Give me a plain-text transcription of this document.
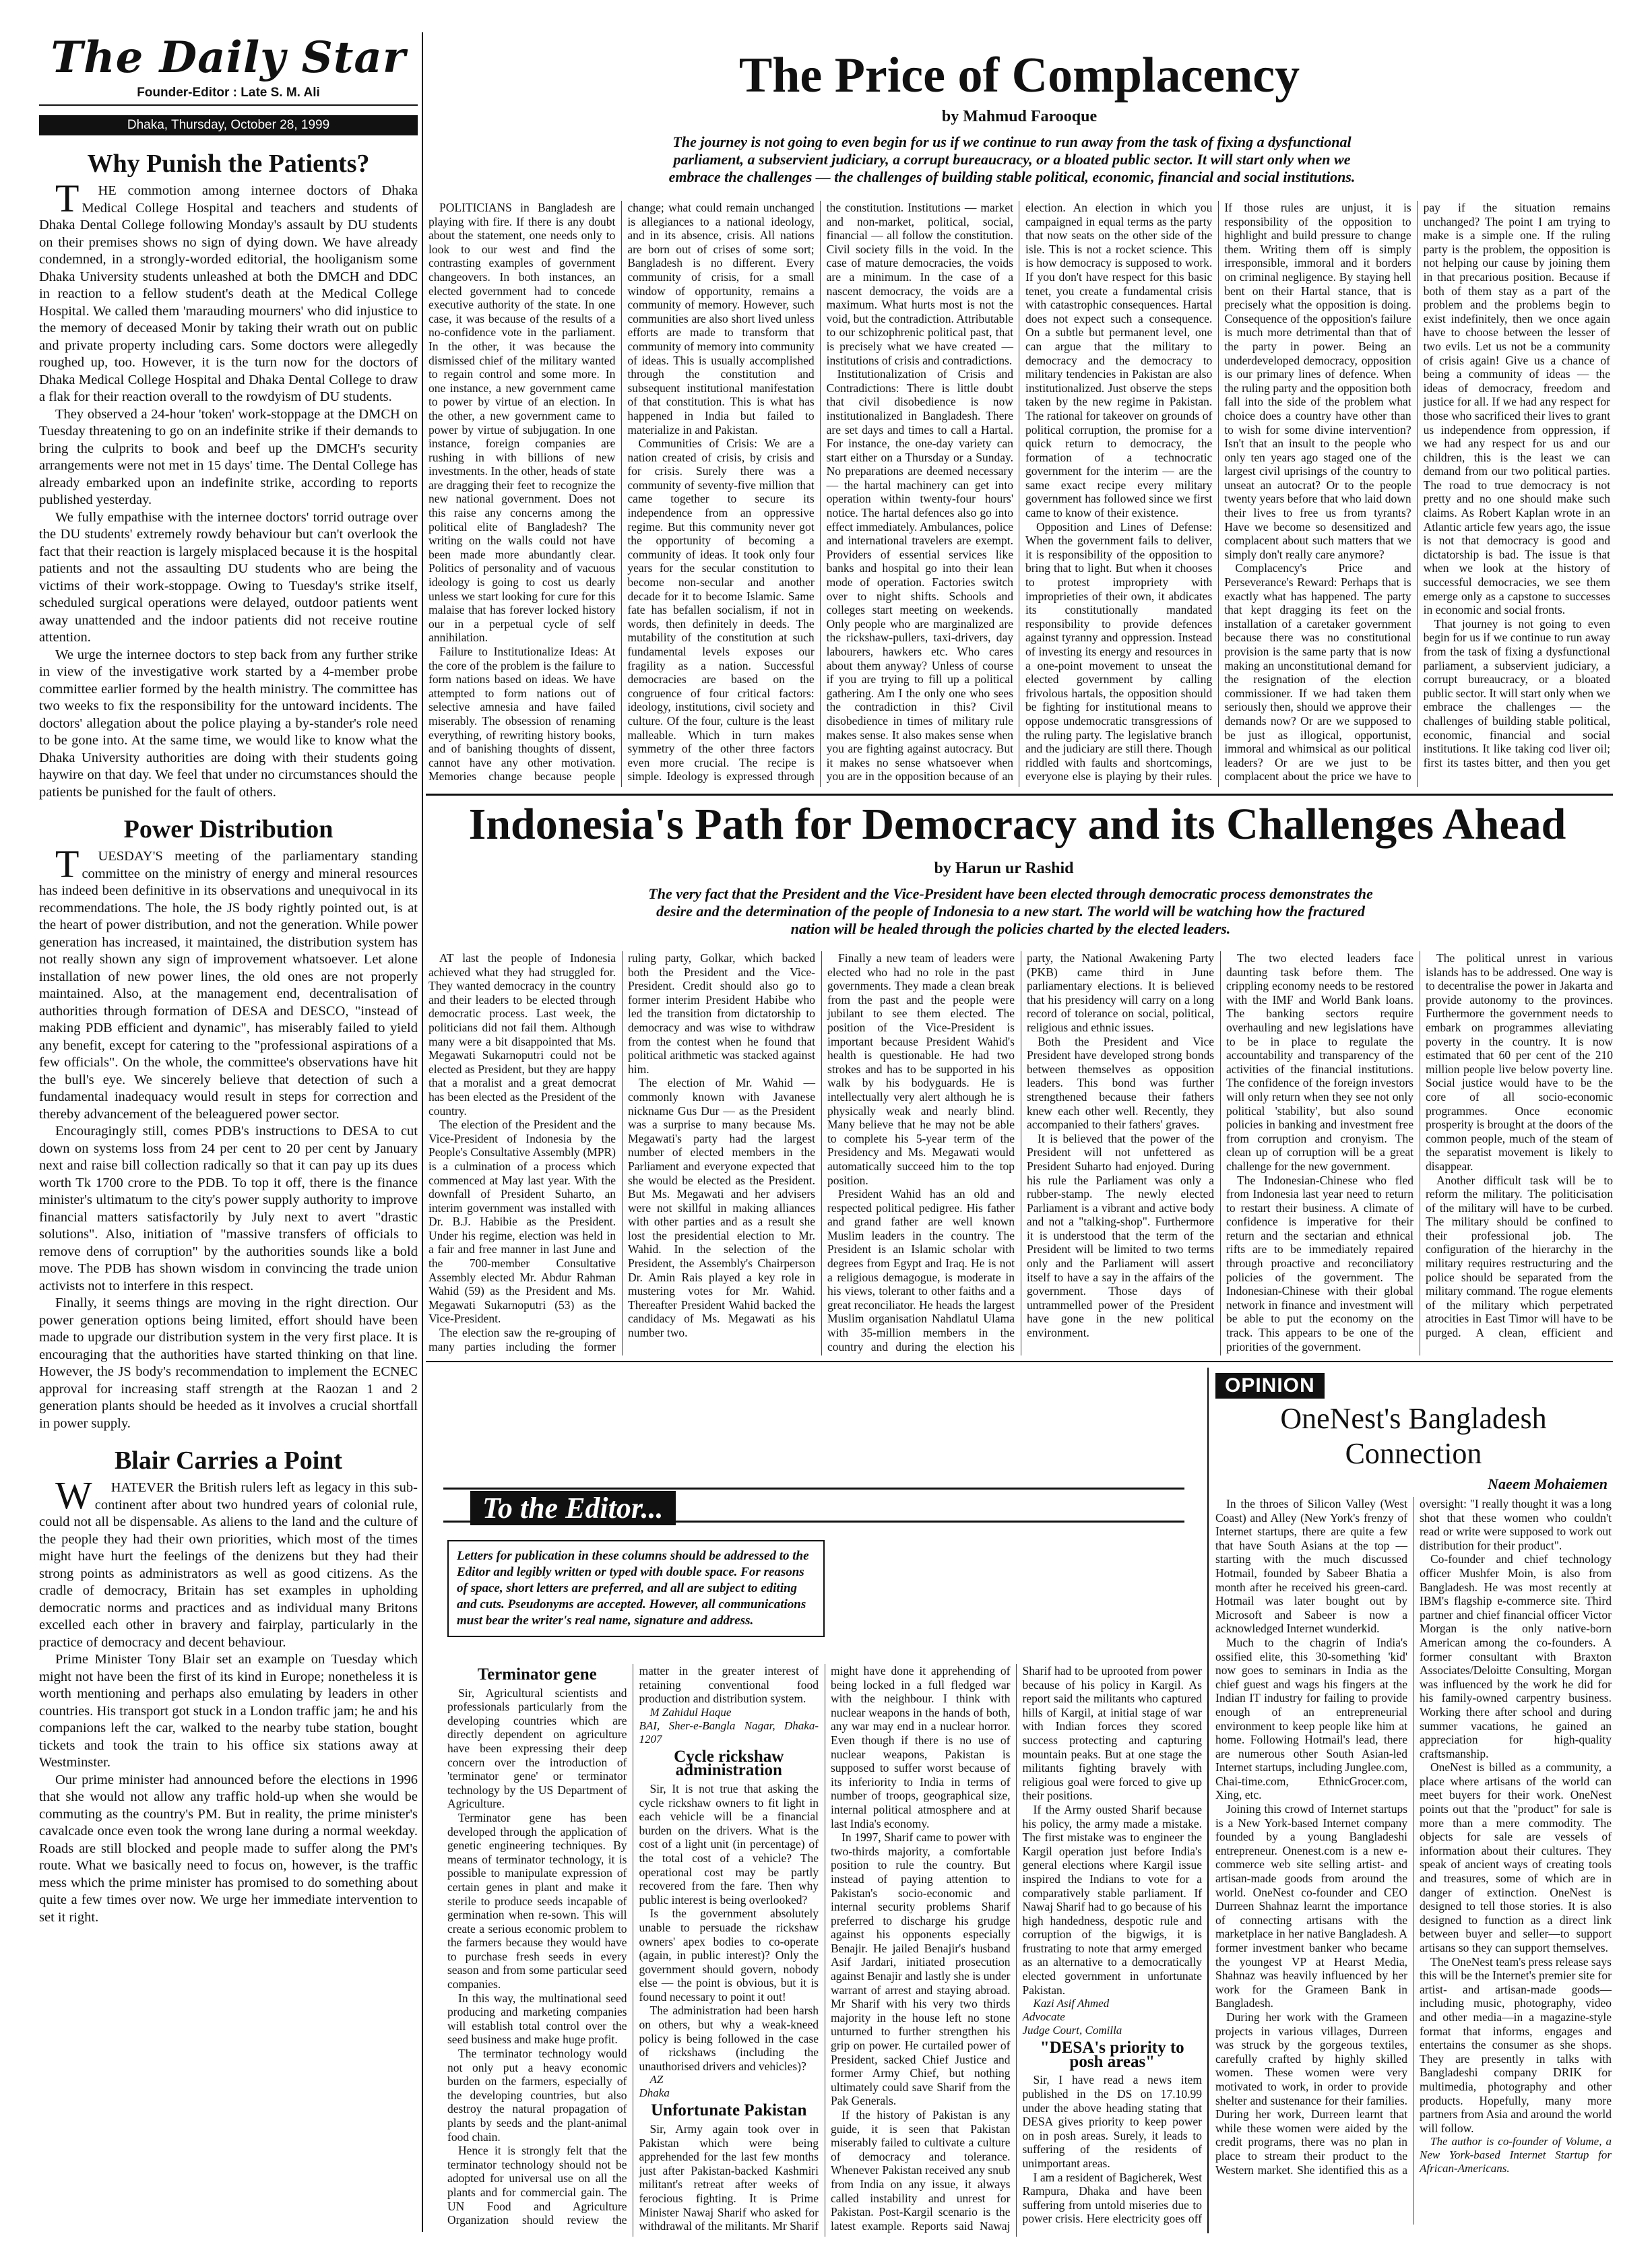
The Daily Star
Founder-Editor : Late S. M. Ali
Dhaka, Thursday, October 28, 1999
Why Punish the Patients?

THE commotion among internee doctors of Dhaka Medical College Hospital and teachers and students of Dhaka Dental College following Monday's assault by DU students on their premises shows no sign of dying down. We have already condemned, in a strongly-worded editorial, the hooliganism some Dhaka University students unleashed at both the DMCH and DDC in reaction to a fellow student's death at the Medical College Hospital. We called them 'marauding mourners' who did injustice to the memory of deceased Monir by taking their wrath out on public and private property including cars. Some doctors were allegedly roughed up, too. However, it is the turn now for the doctors of Dhaka Medical College Hospital and Dhaka Dental College to draw a flak for their reaction overall to the rowdyism of DU students.

They observed a 24-hour 'token' work-stoppage at the DMCH on Tuesday threatening to go on an indefinite strike if their demands to bring the culprits to book and beef up the DMCH's security arrangements were not met in 15 days' time. The Dental College has already embarked upon an indefinite strike, according to reports published yesterday.

We fully empathise with the internee doctors' torrid outrage over the DU students' extremely rowdy behaviour but can't overlook the fact that their reaction is largely misplaced because it is the hospital patients and not the assaulting DU students who are being the victims of their work-stoppage. Owing to Tuesday's strike itself, scheduled surgical operations were delayed, outdoor patients went away unattended and the indoor patients did not receive routine attention.

We urge the internee doctors to step back from any further strike in view of the investigative work started by a 4-member probe committee earlier formed by the health ministry. The committee has two weeks to fix the responsibility for the untoward incidents. The doctors' allegation about the police playing a by-stander's role need to be gone into. At the same time, we would like to know what the Dhaka University authorities are doing with their students going haywire on that day. We feel that under no circumstances should the patients be punished for the fault of others.

Power Distribution

TUESDAY'S meeting of the parliamentary standing committee on the ministry of energy and mineral resources has indeed been definitive in its observations and unequivocal in its recommendations. The hole, the JS body rightly pointed out, is at the heart of power distribution, and not the generation. While power generation has increased, it maintained, the distribution system has not really shown any sign of improvement whatsoever. Let alone installation of new power lines, the old ones are not properly maintained. Also, at the management end, decentralisation of authorities through formation of DESA and DESCO, "instead of making PDB efficient and dynamic", has miserably failed to yield any benefit, except for catering to the "professional aspirations of a few officials". On the whole, the committee's observations have hit the bull's eye. We sincerely believe that detection of such a fundamental inadequacy would result in steps for correction and thereby advancement of the beleaguered power sector.

Encouragingly still, comes PDB's instructions to DESA to cut down on systems loss from 24 per cent to 20 per cent by January next and raise bill collection radically so that it can pay up its dues worth Tk 1700 crore to the PDB. To top it off, there is the finance minister's ultimatum to the city's power supply authority to improve financial matters satisfactorily by July next to avert "drastic solutions". Also, initiation of "massive transfers of officials to remove dens of corruption" by the authorities sounds like a bold move. The PDB has shown wisdom in convincing the trade union activists not to interfere in this respect.

Finally, it seems things are moving in the right direction. Our power generation options being limited, effort should have been made to upgrade our distribution system in the very first place. It is encouraging that the authorities have started thinking on that line. However, the JS body's recommendation to implement the ECNEC approval for increasing staff strength at the Raozan 1 and 2 generation plants should be heeded as it involves a crucial shortfall in power supply.

Blair Carries a Point

WHATEVER the British rulers left as legacy in this sub-continent after about two hundred years of colonial rule, could not all be dispensable. As aliens to the land and the culture of the people they had their own priorities, which most of the times might have hurt the feelings of the denizens but they had their strong points as administrators as well as good citizens. As the cradle of democracy, Britain has set examples in upholding democratic norms and practices and as individual many Britons excelled each other in bravery and fairplay, particularly in the practice of democracy and decent behaviour.

Prime Minister Tony Blair set an example on Tuesday which might not have been the first of its kind in Europe; nonetheless it is worth mentioning and perhaps also emulating by leaders in other countries. His transport got stuck in a London traffic jam; he and his companions left the car, walked to the nearby tube station, bought tickets and took the train to his office six stations away at Westminster.

Our prime minister had announced before the elections in 1996 that she would not allow any traffic hold-up when she would be commuting as the country's PM. But in reality, the prime minister's cavalcade once even took the wrong lane during a normal weekday. Roads are still blocked and people made to suffer along the PM's route. What we basically need to focus on, however, is the traffic mess which the prime minister has promised to do something about quite a few times over now. We urge her immediate intervention to set it right.

The Price of Complacency
by Mahmud Farooque
The journey is not going to even begin for us if we continue to run away from the task of fixing a dysfunctional parliament, a subservient judiciary, a corrupt bureaucracy, or a bloated public sector. It will start only when we embrace the challenges — the challenges of building stable political, economic, financial and social institutions.

POLITICIANS in Bangladesh are playing with fire. If there is any doubt about the statement, one needs only to look to our west and find the contrasting examples of government changeovers. In both instances, an elected government had to concede executive authority of the state. In one case, it was because of the results of a no-confidence vote in the parliament. In the other, it was because the dismissed chief of the military wanted to regain control and some more. In one instance, a new government came to power by virtue of an election. In the other, a new government came to power by virtue of subjugation. In one instance, foreign companies are rushing in with billions of new investments. In the other, heads of state are dragging their feet to recognize the new national government. Does not this raise any concerns among the political elite of Bangladesh? The writing on the walls could not have been made more abundantly clear. Politics of personality and of vacuous ideology is going to cost us dearly unless we start looking for cure for this malaise that has forever locked history our in a perpetual cycle of self annihilation.

Failure to Institutionalize Ideas: At the core of the problem is the failure to form nations based on ideas. We have attempted to form nations out of selective amnesia and have failed miserably. The obsession of renaming everything, of rewriting history books, and of banishing thoughts of dissent, cannot have any other motivation. Memories change because people change; what could remain unchanged is allegiances to a national ideology, and in its absence, crisis. All nations are born out of crises of some sort; Bangladesh is no different. Every community of crisis, for a small window of opportunity, remains a community of memory. However, such communities are also short lived unless efforts are made to transform that community of memory into community of ideas. This is usually accomplished through the constitution and subsequent institutional manifestation of that constitution. This is what has happened in India but failed to materialize in and Pakistan.

Communities of Crisis: We are a nation created of crisis, by crisis and for crisis. Surely there was a community of seventy-five million that came together to secure its independence from an oppressive regime. But this community never got the opportunity of becoming a community of ideas. It took only four years for the secular constitution to become non-secular and another decade for it to become Islamic. Same fate has befallen socialism, if not in words, then definitely in deeds. The mutability of the constitution at such fundamental levels exposes our fragility as a nation. Successful democracies are based on the congruence of four critical factors: ideology, institutions, civil society and culture. Of the four, culture is the least malleable. Which in turn makes symmetry of the other three factors even more crucial. The recipe is simple. Ideology is expressed through the constitution. Institutions — market and non-market, political, social, financial — all follow the constitution. Civil society fills in the void. In the case of mature democracies, the voids are a minimum. In the case of a nascent democracy, the voids are a maximum. What hurts most is not the void, but the contradiction. Attributable to our schizophrenic political past, that is precisely what we have created — institutions of crisis and contradictions.

Institutionalization of Crisis and Contradictions: There is little doubt that civil disobedience is now institutionalized in Bangladesh. There are set days and times to call a Hartal. For instance, the one-day variety can start either on a Thursday or a Sunday. No preparations are deemed necessary — the hartal machinery can get into operation within twenty-four hours' notice. The hartal defences also go into effect immediately. Ambulances, police and international travelers are exempt. Providers of essential services like banks and hospital go into their lean mode of operation. Factories switch over to night shifts. Schools and colleges start meeting on weekends. Only people who are marginalized are the rickshaw-pullers, taxi-drivers, day labourers, hawkers etc. Who cares about them anyway? Unless of course if you are trying to fill up a political gathering. Am I the only one who sees the contradiction in this? Civil disobedience in times of military rule makes sense. It also makes sense when you are fighting against autocracy. But it makes no sense whatsoever when you are in the opposition because of an election. An election in which you campaigned in equal terms as the party that now seats on the other side of the isle. This is not a rocket science. This is how democracy is supposed to work. If you don't have respect for this basic tenet, you create a fundamental crisis with catastrophic consequences. Hartal does not expect such a consequence. On a subtle but permanent level, one can argue that the military to democracy and the democracy to military tendencies in Pakistan are also institutionalized. Just observe the steps taken by the new regime in Pakistan. The rational for takeover on grounds of political corruption, the promise for a quick return to democracy, the formation of a technocratic government for the interim — are the same exact recipe every military government has followed since we first came to know of their existence.

Opposition and Lines of Defense: When the government fails to deliver, it is responsibility of the opposition to bring that to light. But when it chooses to protest impropriety with improprieties of their own, it abdicates its constitutionally mandated responsibility to provide defences against tyranny and oppression. Instead of investing its energy and resources in a one-point movement to unseat the elected government by calling frivolous hartals, the opposition should be fighting for institutional means to oppose undemocratic transgressions of the ruling party. The legislative branch and the judiciary are still there. Though riddled with faults and shortcomings, everyone else is playing by their rules. If those rules are unjust, it is responsibility of the opposition to highlight and build pressure to change them. Writing them off is simply irresponsible, immoral and it borders on criminal negligence. By staying hell bent on their Hartal stance, that is precisely what the opposition is doing. Consequence of the opposition's failure is much more detrimental than that of the party in power. Being an underdeveloped democracy, opposition is our primary lines of defence. When the ruling party and the opposition both fall into the side of the problem what choice does a country have other than to wish for some divine intervention? Isn't that an insult to the people who only ten years ago staged one of the largest civil uprisings of the country to unseat an autocrat? Or to the people twenty years before that who laid down their lives to free us from tyrants? Have we become so desensitized and complacent about such matters that we simply don't really care anymore?

Complacency's Price and Perseverance's Reward: Perhaps that is exactly what has happened. The party that kept dragging its feet on the installation of a caretaker government because there was no constitutional provision is the same party that is now making an unconstitutional demand for the resignation of the election commissioner. If we had taken them seriously then, should we approve their demands now? Or are we supposed to be just as illogical, opportunist, immoral and whimsical as our political leaders? Or are we just to be complacent about the price we have to pay if the situation remains unchanged? The point I am trying to make is a simple one. If the ruling party is the problem, the opposition is not helping our cause by joining them in that precarious position. Because if both of them stay as a part of the problem and the problems begin to exist indefinitely, then we once again have to choose between the lesser of two evils. Let us not be a community of crisis again! Give us a chance of being a community of ideas — the ideas of democracy, freedom and justice for all. If we had any respect for those who sacrificed their lives to grant us independence from oppression, if we had any respect for us and our children, this is the least we can demand from our two political parties. The road to true democracy is not pretty and no one should make such claims. As Robert Kaplan wrote in an Atlantic article few years ago, the issue is not that democracy is good and dictatorship is bad. The issue is that when we look at the history of successful democracies, we see them emerge only as a capstone to successes in economic and social fronts.

That journey is not going to even begin for us if we continue to run away from the task of fixing a dysfunctional parliament, a subservient judiciary, a corrupt bureaucracy, or a bloated public sector. It will start only when we embrace the challenges — the challenges of building stable political, economic, financial and social institutions. It like taking cod liver oil; first its tastes bitter, and then you get

Indonesia's Path for Democracy and its Challenges Ahead
by Harun ur Rashid
The very fact that the President and the Vice-President have been elected through democratic process demonstrates the desire and the determination of the people of Indonesia to a new start. The world will be watching how the fractured nation will be healed through the policies charted by the elected leaders.

AT last the people of Indonesia achieved what they had struggled for. They wanted democracy in the country and their leaders to be elected through democratic process. Last week, the politicians did not fail them. Although many were a bit disappointed that Ms. Megawati Sukarnoputri could not be elected as President, but they are happy that a moralist and a great democrat has been elected as the President of the country.

The election of the President and the Vice-President of Indonesia by the People's Consultative Assembly (MPR) is a culmination of a process which commenced at May last year. With the downfall of President Suharto, an interim government was installed with Dr. B.J. Habibie as the President. Under his regime, election was held in a fair and free manner in last June and the 700-member Consultative Assembly elected Mr. Abdur Rahman Wahid (59) as the President and Ms. Megawati Sukarnoputri (53) as the Vice-President.

The election saw the re-grouping of many parties including the former ruling party, Golkar, which backed both the President and the Vice-President. Credit should also go to former interim President Habibe who led the transition from dictatorship to democracy and was wise to withdraw from the contest when he found that political arithmetic was stacked against him.

The election of Mr. Wahid — commonly known with Javanese nickname Gus Dur — as the President was a surprise to many because Ms. Megawati's party had the largest number of elected members in the Parliament and everyone expected that she would be elected as the President. But Ms. Megawati and her advisers were not skillful in making alliances with other parties and as a result she lost the presidential election to Mr. Wahid. In the selection of the President, the Assembly's Chairperson Dr. Amin Rais played a key role in mustering votes for Mr. Wahid. Thereafter President Wahid backed the candidacy of Ms. Megawati as his number two.

Finally a new team of leaders were elected who had no role in the past governments. They made a clean break from the past and the people were jubilant to see them elected. The position of the Vice-President is important because President Wahid's health is questionable. He had two strokes and has to be supported in his walk by his bodyguards. He is intellectually very alert although he is physically weak and nearly blind. Many believe that he may not be able to complete his 5-year term of the Presidency and Ms. Megawati would automatically succeed him to the top position.

President Wahid has an old and respected political pedigree. His father and grand father are well known Muslim leaders in the country. The President is an Islamic scholar with degrees from Egypt and Iraq. He is not a religious demagogue, is moderate in his views, tolerant to other faiths and a great reconciliator. He heads the largest Muslim organisation Nahdlatul Ulama with 35-million members in the country and during the election his party, the National Awakening Party (PKB) came third in June parliamentary elections. It is believed that his presidency will carry on a long record of tolerance on social, political, religious and ethnic issues.

Both the President and Vice President have developed strong bonds between themselves as opposition leaders. This bond was further strengthened because their fathers knew each other well. Recently, they accompanied to their fathers' graves.

It is believed that the power of the President will not unfettered as President Suharto had enjoyed. During his rule the Parliament was only a rubber-stamp. The newly elected Parliament is a vibrant and active body and not a "talking-shop". Furthermore it is understood that the term of the President will be limited to two terms only and the Parliament will assert itself to have a say in the affairs of the government. Those days of untrammelled power of the President have gone in the new political environment.

The two elected leaders face daunting task before them. The crippling economy needs to be restored with the IMF and World Bank loans. The banking sectors require overhauling and new legislations have to be in place to regulate the accountability and transparency of the activities of the financial institutions. The confidence of the foreign investors will only return when they see not only political 'stability', but also sound policies in banking and investment free from corruption and cronyism. The clean up of corruption will be a great challenge for the new government.

The Indonesian-Chinese who fled from Indonesia last year need to return to restart their business. A climate of confidence is imperative for their return and the sectarian and ethnical rifts are to be immediately repaired through proactive and reconciliatory policies of the government. The Indonesian-Chinese with their global network in finance and investment will be able to put the economy on the track. This appears to be one of the priorities of the government.

The political unrest in various islands has to be addressed. One way is to decentralise the power in Jakarta and provide autonomy to the provinces. Furthermore the government needs to embark on programmes alleviating poverty in the country. It is now estimated that 60 per cent of the 210 million people live below poverty line. Social justice would have to be the core of all socio-economic programmes. Once economic prosperity is brought at the doors of the common people, much of the steam of the separatist movement is likely to disappear.

Another difficult task will be to reform the military. The politicisation of the military will have to be curbed. The military should be confined to their professional job. The configuration of the hierarchy in the military requires restructuring and the police should be separated from the military command. The rogue elements of the military which perpetrated atrocities in East Timor will have to be purged. A clean, efficient and

To the Editor...
Letters for publication in these columns should be addressed to the Editor and legibly written or typed with double space. For reasons of space, short letters are preferred, and all are subject to editing and cuts. Pseudonyms are accepted. However, all communications must bear the writer's real name, signature and address.
Terminator gene

Sir, Agricultural scientists and professionals particularly from the developing countries which are directly dependent on agriculture have been expressing their deep concern over the introduction of 'terminator gene' or terminator technology by the US Department of Agriculture.

Terminator gene has been developed through the application of genetic engineering techniques. By means of terminator technology, it is possible to manipulate expression of certain genes in plant and make it sterile to produce seeds incapable of germination when re-sown. This will create a serious economic problem to the farmers because they would have to purchase fresh seeds in every season and from some particular seed companies.

In this way, the multinational seed producing and marketing companies will establish total control over the seed business and make huge profit.

The terminator technology would not only put a heavy economic burden on the farmers, especially of the developing countries, but also destroy the natural propagation of plants by seeds and the plant-animal food chain.

Hence it is strongly felt that the terminator technology should not be adopted for universal use on all the plants and for commercial gain. The UN Food and Agriculture Organization should review the matter in the greater interest of retaining conventional food production and distribution system.

M Zahidul Haque
BAI, Sher-e-Bangla Nagar, Dhaka-1207

Cycle rickshaw administration

Sir, It is not true that asking the cycle rickshaw owners to fit light in each vehicle will be a financial burden on the drivers. What is the cost of a light unit (in percentage) of the total cost of a vehicle? The operational cost may be partly recovered from the fare. Then why public interest is being overlooked?

Is the government absolutely unable to persuade the rickshaw owners' apex bodies to co-operate (again, in public interest)? Only the government should govern, nobody else — the point is obvious, but it is found necessary to point it out!

The administration had been harsh on others, but why a weak-kneed policy is being followed in the case of rickshaws (including the unauthorised drivers and vehicles)?

AZ
Dhaka

Unfortunate Pakistan

Sir, Army again took over in Pakistan which were being apprehended for the last few months just after Pakistan-backed Kashmiri militant's retreat after weeks of ferocious fighting. It is Prime Minister Nawaj Sharif who asked for withdrawal of the militants. Mr Sharif might have done it apprehending of being locked in a full fledged war with the neighbour. I think with nuclear weapons in the hands of both, any war may end in a nuclear horror. Even though if there is no use of nuclear weapons, Pakistan is supposed to suffer worst because of its inferiority to India in terms of number of troops, geographical size, internal political atmosphere and at last India's economy.

In 1997, Sharif came to power with two-thirds majority, a comfortable position to rule the country. But instead of paying attention to Pakistan's socio-economic and internal security problems Sharif preferred to discharge his grudge against his opponents especially Benajir. He jailed Benajir's husband Asif Jardari, initiated prosecution against Benajir and lastly she is under warrant of arrest and staying abroad. Mr Sharif with his very two thirds majority in the house left no stone unturned to further strengthen his grip on power. He curtailed power of President, sacked Chief Justice and former Army Chief, but nothing ultimately could save Sharif from the Pak Generals.

If the history of Pakistan is any guide, it is seen that Pakistan miserably failed to cultivate a culture of democracy and tolerance. Whenever Pakistan received any snub from India on any issue, it always called instability and unrest for Pakistan. Post-Kargil scenario is the latest example. Reports said Nawaj Sharif had to be uprooted from power because of his policy in Kargil. As report said the militants who captured hills of Kargil, at initial stage of war with Indian forces they scored success protecting and capturing mountain peaks. But at one stage the militants fighting bravely with religious goal were forced to give up their positions.

If the Army ousted Sharif because his policy, the army made a mistake. The first mistake was to engineer the Kargil operation just before India's general elections where Kargil issue inspired the Indians to vote for a comparatively stable parliament. If Nawaj Sharif had to go because of his high handedness, despotic rule and corruption of the bigwigs, it is frustrating to note that army emerged as an alternative to a democratically elected government in unfortunate Pakistan.

Kazi Asif Ahmed
Advocate
Judge Court, Comilla

"DESA's priority to posh areas"

Sir, I have read a news item published in the DS on 17.10.99 under the above heading stating that DESA gives priority to keep power on in posh areas. Surely, it leads to suffering of the residents of unimportant areas.

I am a resident of Bagicherek, West Rampura, Dhaka and have been suffering from untold miseries due to power crisis. Here electricity goes off

OPINION
OneNest's Bangladesh Connection
Naeem Mohaiemen

In the throes of Silicon Valley (West Coast) and Alley (New York's frenzy of Internet startups, there are quite a few that have South Asians at the top — starting with the much discussed Hotmail, founded by Sabeer Bhatia a month after he received his green-card. Hotmail was later bought out by Microsoft and Sabeer is now a acknowledged Internet wunderkid.

Much to the chagrin of India's ossified elite, this 30-something 'kid' now goes to seminars in India as the chief guest and wags his fingers at the Indian IT industry for failing to provide enough of an entrepreneurial environment to keep people like him at home. Following Hotmail's lead, there are numerous other South Asian-led Internet startups, including Junglee.com, Chai-time.com, EthnicGrocer.com, Xing, etc.

Joining this crowd of Internet startups is a New York-based Internet company founded by a young Bangladeshi entrepreneur. Onenest.com is a new e-commerce web site selling artist- and artisan-made goods from around the world. OneNest co-founder and CEO Durreen Shahnaz learnt the importance of connecting artisans with the marketplace in her native Bangladesh. A former investment banker who became the youngest VP at Hearst Media, Shahnaz was heavily influenced by her work for the Grameen Bank in Bangladesh.

During her work with the Grameen projects in various villages, Durreen was struck by the gorgeous textiles, carefully crafted by highly skilled women. These women were very motivated to work, in order to provide shelter and sustenance for their families. During her work, Durreen learnt that while these women were aided by the credit programs, there was no plan in place to stream their product to the Western market. She identified this as a oversight: "I really thought it was a long shot that these women who couldn't read or write were supposed to work out distribution for their product".

Co-founder and chief technology officer Mushfer Moin, is also from Bangladesh. He was most recently at IBM's flagship e-commerce site. Third partner and chief financial officer Victor Morgan is the only native-born American among the co-founders. A former consultant with Braxton Associates/Deloitte Consulting, Morgan was influenced by the work he did for his family-owned carpentry business. Working there after school and during summer vacations, he gained an appreciation for high-quality craftsmanship.

OneNest is billed as a community, a place where artisans of the world can meet buyers for their work. OneNest points out that the "product" for sale is more than a mere commodity. The objects for sale are vessels of information about their cultures. They speak of ancient ways of creating tools and treasures, some of which are in danger of extinction. OneNest is designed to tell those stories. It is also designed to function as a direct link between buyer and seller—to support artisans so they can support themselves.

The OneNest team's press release says this will be the Internet's premier site for artist- and artisan-made goods—including music, photography, video and other media—in a magazine-style format that informs, engages and entertains the consumer as she shops. They are presently in talks with Bangladeshi company DRIK for multimedia, photography and other products. Hopefully, many more partners from Asia and around the world will follow.

The author is co-founder of Volume, a New York-based Internet Startup for African-Americans.
